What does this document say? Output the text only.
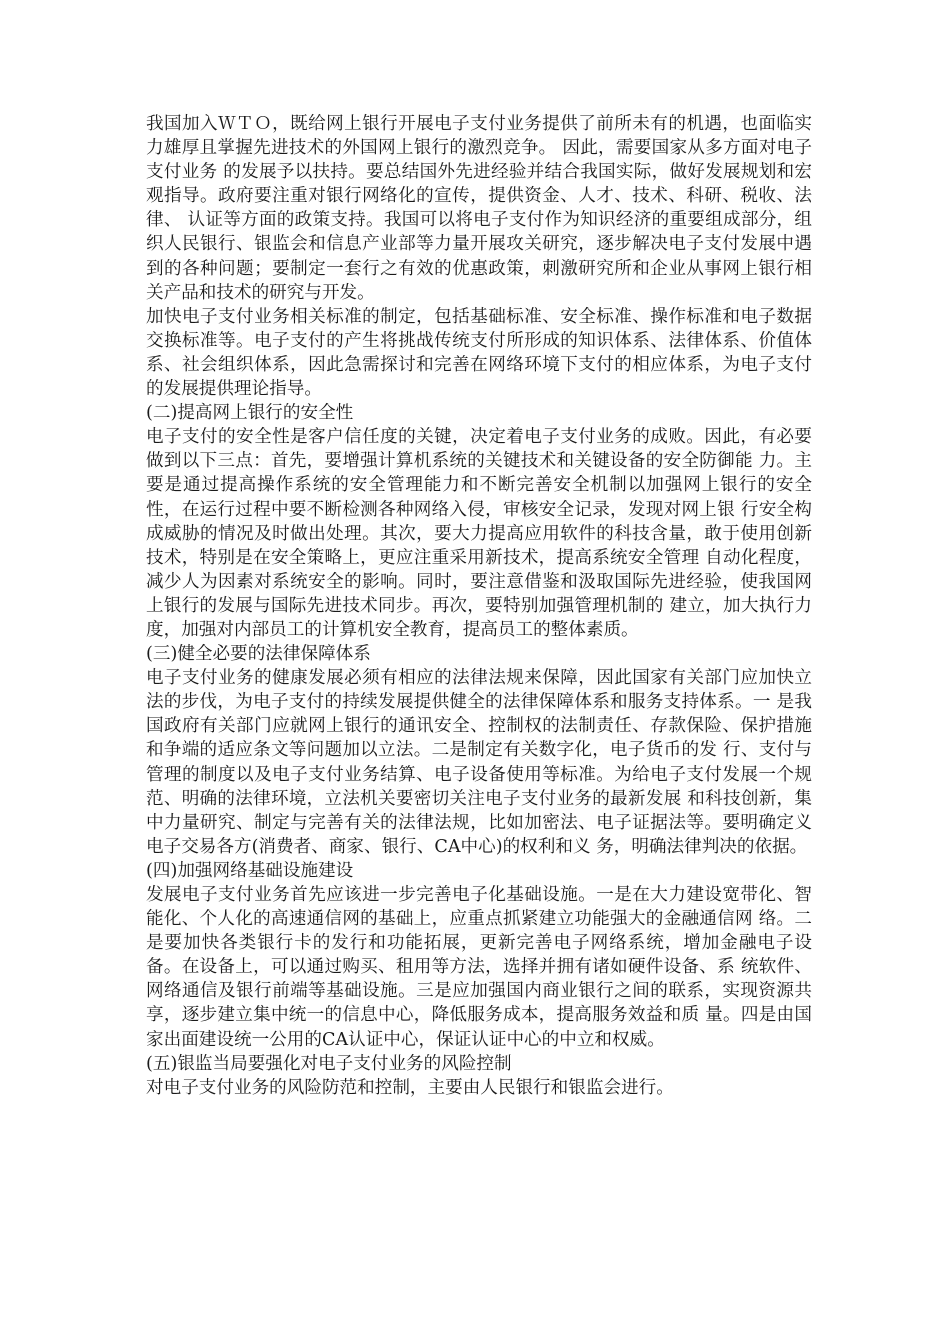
我国加入ＷＴＯ，既给网上银行开展电子支付业务提供了前所未有的机遇，也面临实力雄厚且掌握先进技术的外国网上银行的激烈竞争。 因此，需要国家从多方面对电子支付业务 的发展予以扶持。要总结国外先进经验并结合我国实际，做好发展规划和宏观指导。政府要注重对银行网络化的宣传，提供资金、人才、技术、科研、税收、法律、 认证等方面的政策支持。我国可以将电子支付作为知识经济的重要组成部分，组织人民银行、银监会和信息产业部等力量开展攻关研究，逐步解决电子支付发展中遇 到的各种问题；要制定一套行之有效的优惠政策，刺激研究所和企业从事网上银行相关产品和技术的研究与开发。

加快电子支付业务相关标准的制定，包括基础标准、安全标准、操作标准和电子数据交换标准等。电子支付的产生将挑战传统支付所形成的知识体系、法律体系、价值体系、社会组织体系，因此急需探讨和完善在网络环境下支付的相应体系，为电子支付的发展提供理论指导。

(二)提高网上银行的安全性

电子支付的安全性是客户信任度的关键，决定着电子支付业务的成败。因此，有必要做到以下三点：首先，要增强计算机系统的关键技术和关键设备的安全防御能 力。主要是通过提高操作系统的安全管理能力和不断完善安全机制以加强网上银行的安全性，在运行过程中要不断检测各种网络入侵，审核安全记录，发现对网上银 行安全构成威胁的情况及时做出处理。其次，要大力提高应用软件的科技含量，敢于使用创新技术，特别是在安全策略上，更应注重采用新技术，提高系统安全管理 自动化程度，减少人为因素对系统安全的影响。同时，要注意借鉴和汲取国际先进经验，使我国网上银行的发展与国际先进技术同步。再次，要特别加强管理机制的 建立，加大执行力度，加强对内部员工的计算机安全教育，提高员工的整体素质。

(三)健全必要的法律保障体系

电子支付业务的健康发展必须有相应的法律法规来保障，因此国家有关部门应加快立法的步伐，为电子支付的持续发展提供健全的法律保障体系和服务支持体系。一 是我国政府有关部门应就网上银行的通讯安全、控制权的法制责任、存款保险、保护措施和争端的适应条文等问题加以立法。二是制定有关数字化，电子货币的发 行、支付与管理的制度以及电子支付业务结算、电子设备使用等标准。为给电子支付发展一个规范、明确的法律环境，立法机关要密切关注电子支付业务的最新发展 和科技创新，集中力量研究、制定与完善有关的法律法规，比如加密法、电子证据法等。要明确定义电子交易各方(消费者、商家、银行、CA中心)的权利和义 务，明确法律判决的依据。

(四)加强网络基础设施建设

发展电子支付业务首先应该进一步完善电子化基础设施。一是在大力建设宽带化、智能化、个人化的高速通信网的基础上，应重点抓紧建立功能强大的金融通信网 络。二是要加快各类银行卡的发行和功能拓展，更新完善电子网络系统，增加金融电子设备。在设备上，可以通过购买、租用等方法，选择并拥有诸如硬件设备、系 统软件、网络通信及银行前端等基础设施。三是应加强国内商业银行之间的联系，实现资源共享，逐步建立集中统一的信息中心，降低服务成本，提高服务效益和质 量。四是由国家出面建设统一公用的CA认证中心，保证认证中心的中立和权威。

(五)银监当局要强化对电子支付业务的风险控制

对电子支付业务的风险防范和控制，主要由人民银行和银监会进行。
